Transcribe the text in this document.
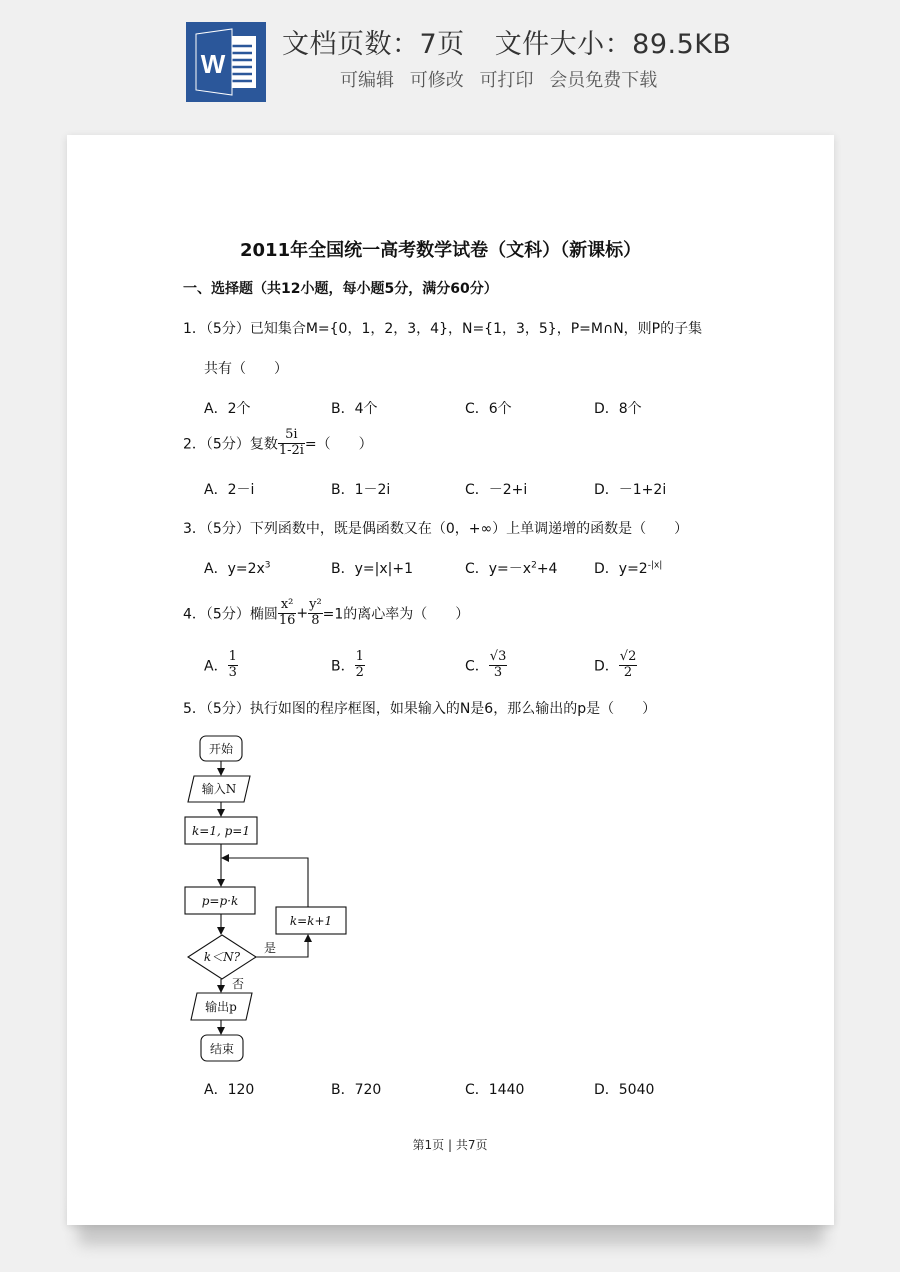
W
文档页数：7页 文件大小：89.5KB
可编辑 可修改 可打印 会员免费下载
2011年全国统一高考数学试卷（文科）（新课标）
一、选择题（共12小题，每小题5分，满分60分）
1．（5分）已知集合M={0，1，2，3，4}，N={1，3，5}，P=M∩N，则P的子集
共有（　　）
A．2个	B．4个	C．6个	D．8个
2．（5分）复数 $\frac{5i}{1-2i}$ =（　　）
A．2－i	B．1－2i	C．－2+i	D．－1+2i
3．（5分）下列函数中，既是偶函数又在（0，+∞）上单调递增的函数是（　　）
A．$y=2x^3$	B．y=|x|+1	C．$y=-x^2+4$	D．$y=2^{-|x|}$
4．（5分）椭圆 $\frac{\text{x²}}{16} + \frac{\text{y²}}{8} =1$的离心率为（　　）
A． $\frac{1}{3}$	B． $\frac{1}{2}$	C． $\frac{√3}{3}$	D． $\frac{√2}{2}$
5．（5分）执行如图的程序框图，如果输入的N是6，那么输出的p是（　　）
开始
输入N
k=1, p=1
p=p·k
k=k+1
k＜N?
是
否
输出p
结束
A．120	B．720	C．1440	D．5040
第1页 | 共7页
